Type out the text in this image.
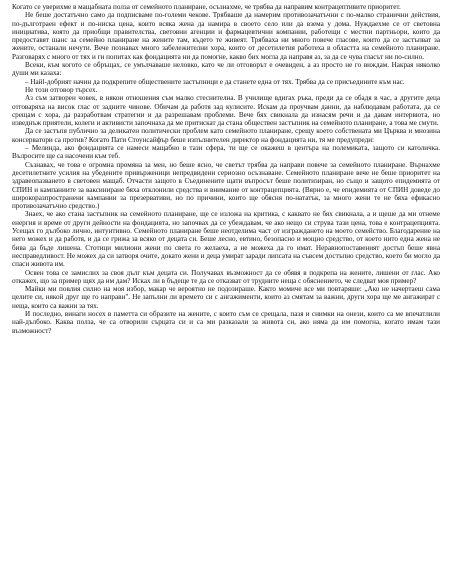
Когато се уверихме в мащабната полза от семейното планиране, осъзнахме, че трябва да направим контрацептивите приоритет.

Не беше достатъчно само да подписваме по-големи чекове. Трябваше да намерим противозачатъчни с по-малко странични действия, по-дълготраен ефект и по-ниска цена, които всяка жена да намира в своето село или да взема у дома. Нуждаехме се от световна инициатива, която да приобщи правителства, световни агенции и фармацевтични компании, работещи с местни партньори, които да предоставят шанс за семейно планиране на жените там, където те живеят. Трябваха ни много повече гласове, които да се застъпват за жените, останали нечути. Вече познавах много забележителни хора, които от десетилетия работеха в областта на семейното планиране. Разговарях с много от тях и ги попитах как фондацията ни да помогне, какво бих могла да направя аз, за да се чува гласът ни по-силно.

Всеки, към когото се обръщах, се умълчаваше неловко, като че ли отговорът е очевиден, а аз просто не го виждам. Накрая няколко души ми казаха:

– Найl-добрият начин да подкрепите обществените застъпници е да станете една от тях. Трябва да се присъедините към нас.

Не този отговор търсех.

Аз съм затворен човек, в някои отношения съм малко стеснителна. В училище вдигах ръка, преди да се обадя в час, а другите деца отговаряха на висок глас от задните чинове. Обичам да работя зад кулисите. Искам да проучвам данни, да наблюдавам работата, да се срещам с хора, да разработвам стратегии и да разрешавам проблеми. Вече бях свикнала да изнасям речи и да давам интервюта, но изведнъж приятели, колеги и активисти започнаха да ме притискат да стана обществен застъпник на семейното планиране, а това ме смути.

Да се застъпя публично за деликатен политически проблем като семейното планиране, срещу което собствената ми Църква и мнозина консерватори са против? Когато Пати Стоунсайфър беше изпълнителен директор на фондацията ни, тя ме предупреди:

– Мелинда, ако фондацията се намеси мащабно в тази сфера, ти ще се окажеш в центъра на полемиката, защото си католичка. Вълросите ще са насочени към теб.

Съзнавах, че това е огромна промяна за мен, но беше ясно, че светът трябва да направи повече за семейното планиране. Върнахме десетилетните усилия на убедените привърженици непредвидени сериозно осъзнаване. Семейното планиране вече не беше приоритет на здравеопазването в световен мащаб. Отчасти защото в Съединените щати въпросът беше политизиран, но също и защото епидемията от СПИН и кампаниите за ваксиниране бяха отклонили средства и внимание от контрацепцията. (Вярно е, че епидемията от СПИН доведе до широкоразпространени кампании за презервативи, но по причини, които ще обясня по-нататък, за много жени те не бяха ефикасно противозачатъчно средство.)

Знаех, че ако стана застъпник на семейното планиране, ще се изложа на критика, с каквато не бях свикнала, а и щеше да ми отнеме енергия и време от други дейности на фондацията, но започвах да се убеждавам, че ако нещо си струва тази цена, това е контрацепцията. Усещах го дълбоко лично, интуитивно. Семейното планиране беше неотделима част от изграждането на моето семейство. Благодарение на него можех и да работя, и да се грижа за всяко от децата си. Беше лесно, евтино, безопасно и мощно средство, от което нито една жена не бива да бъде лишена. Стотици милиони жени по света го желаеха, а не можеха да го имат. Неравнопоставеният достъп беше явна несправедливост. Не можех да си затворя очите, докато жени и деца умират заради липсата на съвсем достъпно средство, което би могло да спаси живота им.

Освен това се замислих за своя дълг към децата си. Получавах възможност да се обявя в подкрепа на жените, лишени от глас. Ако откажех, що за пример щях да им дам? Исках ли в бъдеще те да се отказват от трудните неща с обяснението, че следват моя пример?

Майки ми повлия силно на моя избор, макар че вероятно не подозираше. Както момиче все ми повтаряше: „Ако не начертаеш сама целите си, някой друг ще го направи". Не запълни ли времето си с ангажименти, които аз смятам за важни, други хора ще ме ангажират с неща, които са важни за тях.

И последно, винаги носех в паметта си образите на жените, с които съм се срещала, пазя и снимки на онези, които са ме впечатлили най-дълбоко. Каква полза, че са отворили сърцата си и са ми разказали за живота си, ако няма да им помогна, когато имам тази възможност?
